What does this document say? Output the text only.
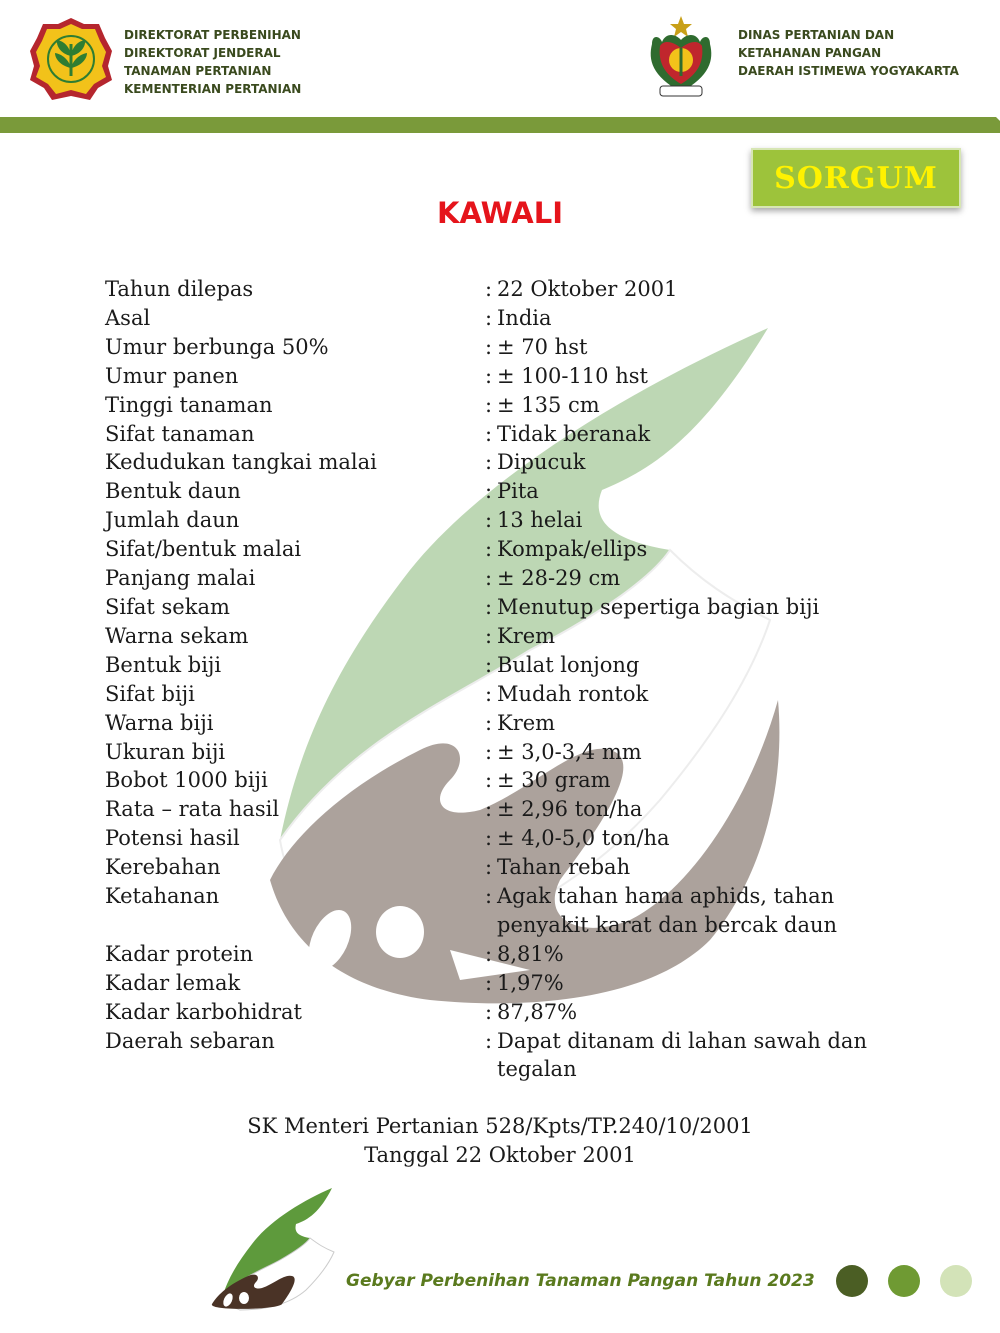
DIREKTORAT PERBENIHAN
DIREKTORAT JENDERAL
TANAMAN PERTANIAN
KEMENTERIAN PERTANIAN
DINAS PERTANIAN DAN
KETAHANAN PANGAN
DAERAH ISTIMEWA YOGYAKARTA
SORGUM
KAWALI
Tahun dilepas	: 22 Oktober 2001
Asal	: India
Umur berbunga 50%	: ± 70 hst
Umur panen	: ± 100-110 hst
Tinggi tanaman	: ± 135 cm
Sifat tanaman	: Tidak beranak
Kedudukan tangkai malai	: Dipucuk
Bentuk daun	: Pita
Jumlah daun	: 13 helai
Sifat/bentuk malai	: Kompak/ellips
Panjang malai	: ± 28-29 cm
Sifat sekam	: Menutup sepertiga bagian biji
Warna sekam	: Krem
Bentuk biji	: Bulat lonjong
Sifat biji	: Mudah rontok
Warna biji	: Krem
Ukuran biji	: ± 3,0-3,4 mm
Bobot 1000 biji	: ± 30 gram
Rata – rata hasil	: ± 2,96 ton/ha
Potensi hasil	: ± 4,0-5,0 ton/ha
Kerebahan	: Tahan rebah
Ketahanan	: Agak tahan hama aphids, tahan penyakit karat dan bercak daun
Kadar protein	: 8,81%
Kadar lemak	: 1,97%
Kadar karbohidrat	: 87,87%
Daerah sebaran	: Dapat ditanam di lahan sawah dan tegalan
SK Menteri Pertanian 528/Kpts/TP.240/10/2001
Tanggal 22 Oktober 2001
Gebyar Perbenihan Tanaman Pangan Tahun 2023
